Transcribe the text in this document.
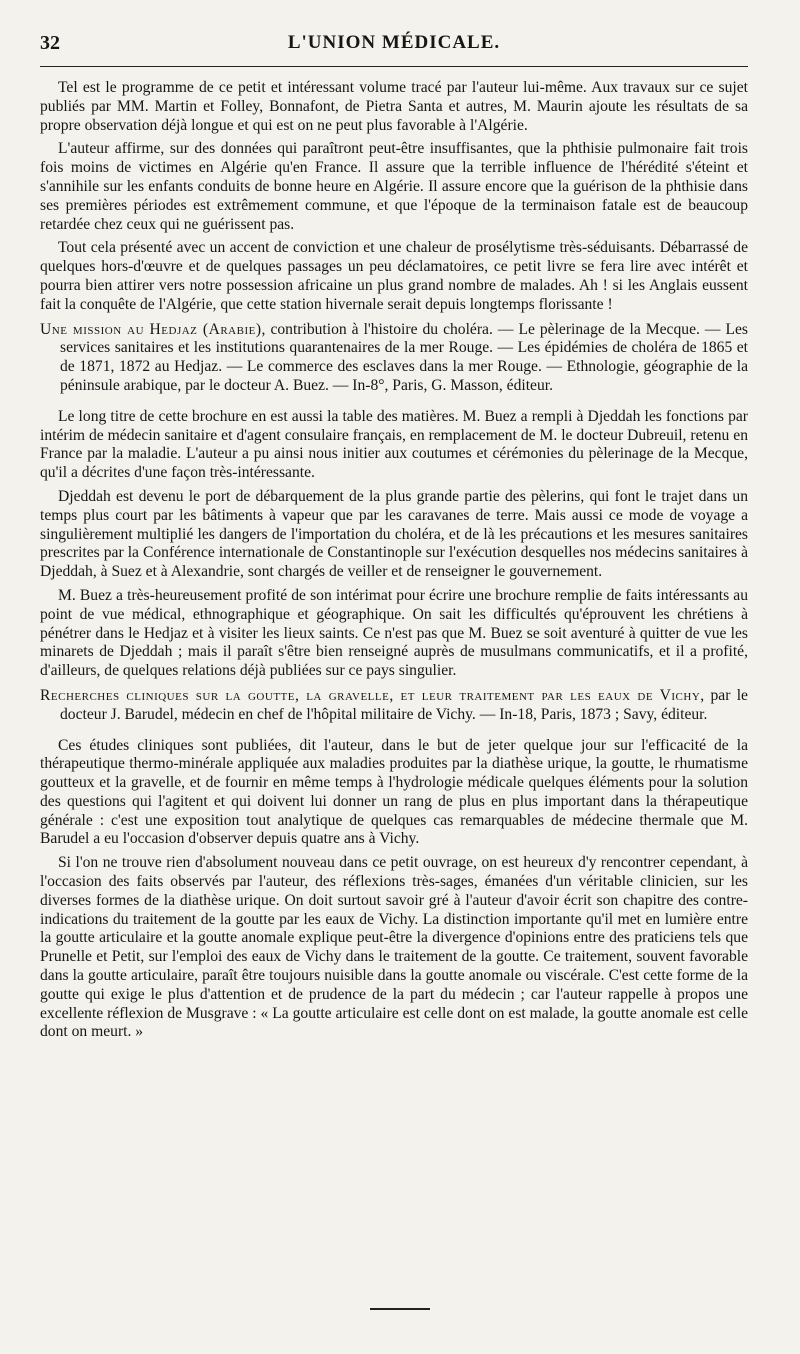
32	L'UNION MÉDICALE.

Tel est le programme de ce petit et intéressant volume tracé par l'auteur lui-même. Aux travaux sur ce sujet publiés par MM. Martin et Folley, Bonnafont, de Pietra Santa et autres, M. Maurin ajoute les résultats de sa propre observation déjà longue et qui est on ne peut plus favorable à l'Algérie.

L'auteur affirme, sur des données qui paraîtront peut-être insuffisantes, que la phthisie pulmonaire fait trois fois moins de victimes en Algérie qu'en France. Il assure que la terrible influence de l'hérédité s'éteint et s'annihile sur les enfants conduits de bonne heure en Algérie. Il assure encore que la guérison de la phthisie dans ses premières périodes est extrêmement commune, et que l'époque de la terminaison fatale est de beaucoup retardée chez ceux qui ne guérissent pas.

Tout cela présenté avec un accent de conviction et une chaleur de prosélytisme très-séduisants. Débarrassé de quelques hors-d'œuvre et de quelques passages un peu déclamatoires, ce petit livre se fera lire avec intérêt et pourra bien attirer vers notre possession africaine un plus grand nombre de malades. Ah ! si les Anglais eussent fait la conquête de l'Algérie, que cette station hivernale serait depuis longtemps florissante !

Une mission au Hedjaz (Arabie), contribution à l'histoire du choléra. — Le pèlerinage de la Mecque. — Les services sanitaires et les institutions quarantenaires de la mer Rouge. — Les épidémies de choléra de 1865 et de 1871, 1872 au Hedjaz. — Le commerce des esclaves dans la mer Rouge. — Ethnologie, géographie de la péninsule arabique, par le docteur A. Buez. — In-8°, Paris, G. Masson, éditeur.

Le long titre de cette brochure en est aussi la table des matières. M. Buez a rempli à Djeddah les fonctions par intérim de médecin sanitaire et d'agent consulaire français, en remplacement de M. le docteur Dubreuil, retenu en France par la maladie. L'auteur a pu ainsi nous initier aux coutumes et cérémonies du pèlerinage de la Mecque, qu'il a décrites d'une façon très-intéressante.

Djeddah est devenu le port de débarquement de la plus grande partie des pèlerins, qui font le trajet dans un temps plus court par les bâtiments à vapeur que par les caravanes de terre. Mais aussi ce mode de voyage a singulièrement multiplié les dangers de l'importation du choléra, et de là les précautions et les mesures sanitaires prescrites par la Conférence internationale de Constantinople sur l'exécution desquelles nos médecins sanitaires à Djeddah, à Suez et à Alexandrie, sont chargés de veiller et de renseigner le gouvernement.

M. Buez a très-heureusement profité de son intérimat pour écrire une brochure remplie de faits intéressants au point de vue médical, ethnographique et géographique. On sait les difficultés qu'éprouvent les chrétiens à pénétrer dans le Hedjaz et à visiter les lieux saints. Ce n'est pas que M. Buez se soit aventuré à quitter de vue les minarets de Djeddah ; mais il paraît s'être bien renseigné auprès de musulmans communicatifs, et il a profité, d'ailleurs, de quelques relations déjà publiées sur ce pays singulier.

Recherches cliniques sur la goutte, la gravelle, et leur traitement par les eaux de Vichy, par le docteur J. Barudel, médecin en chef de l'hôpital militaire de Vichy. — In-18, Paris, 1873 ; Savy, éditeur.

Ces études cliniques sont publiées, dit l'auteur, dans le but de jeter quelque jour sur l'efficacité de la thérapeutique thermo-minérale appliquée aux maladies produites par la diathèse urique, la goutte, le rhumatisme goutteux et la gravelle, et de fournir en même temps à l'hydrologie médicale quelques éléments pour la solution des questions qui l'agitent et qui doivent lui donner un rang de plus en plus important dans la thérapeutique générale : c'est une exposition tout analytique de quelques cas remarquables de médecine thermale que M. Barudel a eu l'occasion d'observer depuis quatre ans à Vichy.

Si l'on ne trouve rien d'absolument nouveau dans ce petit ouvrage, on est heureux d'y rencontrer cependant, à l'occasion des faits observés par l'auteur, des réflexions très-sages, émanées d'un véritable clinicien, sur les diverses formes de la diathèse urique. On doit surtout savoir gré à l'auteur d'avoir écrit son chapitre des contre-indications du traitement de la goutte par les eaux de Vichy. La distinction importante qu'il met en lumière entre la goutte articulaire et la goutte anomale explique peut-être la divergence d'opinions entre des praticiens tels que Prunelle et Petit, sur l'emploi des eaux de Vichy dans le traitement de la goutte. Ce traitement, souvent favorable dans la goutte articulaire, paraît être toujours nuisible dans la goutte anomale ou viscérale. C'est cette forme de la goutte qui exige le plus d'attention et de prudence de la part du médecin ; car l'auteur rappelle à propos une excellente réflexion de Musgrave : « La goutte articulaire est celle dont on est malade, la goutte anomale est celle dont on meurt. »
